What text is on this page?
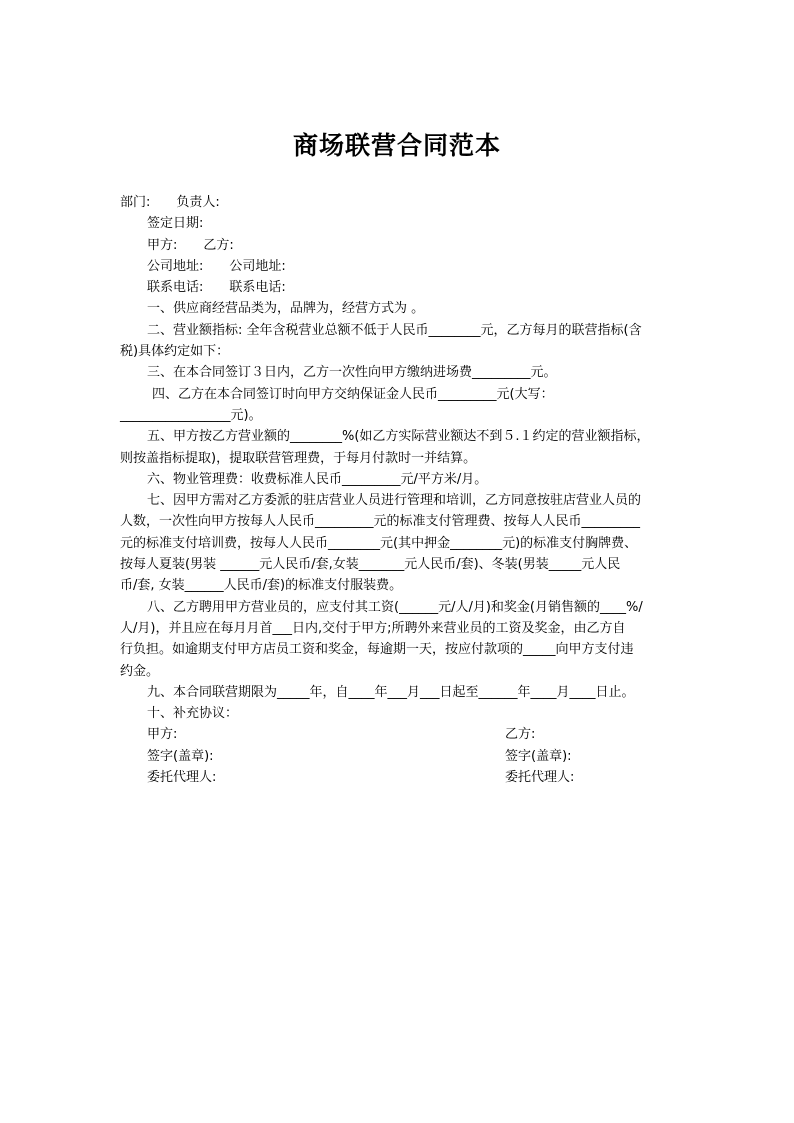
商场联营合同范本
部门:　　负责人:
签定日期:
甲方:　　乙方:
公司地址:　　公司地址:
联系电话:　　联系电话:
一、供应商经营品类为，品牌为，经营方式为 。
二、营业额指标: 全年含税营业总额不低于人民币________元，乙方每月的联营指标(含
税)具体约定如下：
三、在本合同签订３日内，乙方一次性向甲方缴纳进场费_________元。
四、乙方在本合同签订时向甲方交纳保证金人民币_________元(大写：
_________________元)。
五、甲方按乙方营业额的________%(如乙方实际营业额达不到５.１约定的营业额指标，
则按盖指标提取)，提取联营管理费，于每月付款时一并结算。
六、物业管理费：收费标准人民币_________元/平方米/月。
七、因甲方需对乙方委派的驻店营业人员进行管理和培训，乙方同意按驻店营业人员的
人数，一次性向甲方按每人人民币_________元的标准支付管理费、按每人人民币_________
元的标准支付培训费，按每人人民币________元(其中押金________元)的标准支付胸牌费、
按每人夏装(男装 ______元人民币/套,女装_______元人民币/套)、冬装(男装_____元人民
币/套, 女装______人民币/套)的标准支付服装费。
八、乙方聘用甲方营业员的，应支付其工资(______元/人/月)和奖金(月销售额的____%/
人/月)，并且应在每月月首___日内,交付于甲方;所聘外来营业员的工资及奖金，由乙方自
行负担。如逾期支付甲方店员工资和奖金，每逾期一天，按应付款项的_____向甲方支付违
约金。
九、本合同联营期限为_____年，自____年___月___日起至______年____月____日止。
十、补充协议：
甲方:	乙方:
签字(盖章):	签字(盖章):
委托代理人:	委托代理人:
